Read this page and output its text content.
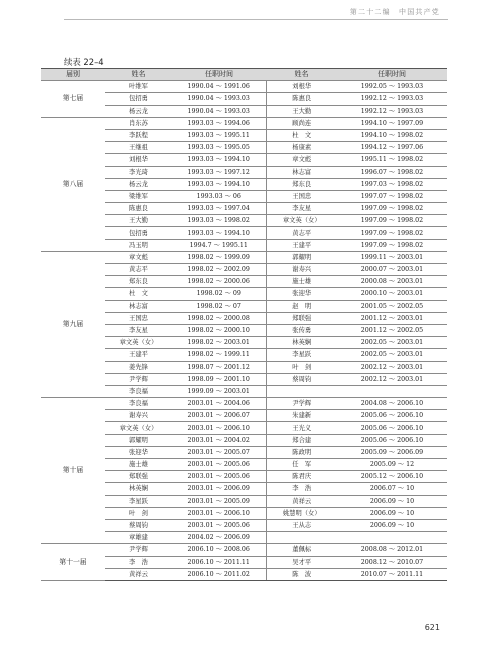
第二十二编　中国共产党
续表 22–4
届别	姓名	任职时间	姓名	任职时间
第七届	叶维军	1990.04 ～ 1991.06	刘根华	1992.05 ～ 1993.03
	包招勇	1990.04 ～ 1993.03	陈惠良	1992.12 ～ 1993.03
	杨云龙	1990.04 ～ 1993.03	王大勤	1992.12 ～ 1993.03
第八届	肖东苏	1993.03 ～ 1994.06	顾尚连	1994.10 ～ 1997.09
	李跃程	1993.03 ～ 1995.11	杜　文	1994.10 ～ 1998.02
	王继祖	1993.03 ～ 1995.05	杨康素	1994.12 ～ 1997.06
	刘根华	1993.03 ～ 1994.10	章文彪	1995.11 ～ 1998.02
	李光琦	1993.03 ～ 1997.12	林志富	1996.07 ～ 1998.02
	杨云龙	1993.03 ～ 1994.10	郑东良	1997.03 ～ 1998.02
	梁维军	1993.03 ～ 06	王国忠	1997.07 ～ 1998.02
	陈惠良	1993.03 ～ 1997.04	李友星	1997.09 ～ 1998.02
	王大勤	1993.03 ～ 1998.02	章文英（女）	1997.09 ～ 1998.02
	包招勇	1993.03 ～ 1994.10	黄志平	1997.09 ～ 1998.02
	冯玉明	1994.7 ～ 1995.11	王建平	1997.09 ～ 1998.02
第九届	章文彪	1998.02 ～ 1999.09	郭耀明	1999.11 ～ 2003.01
	黄志平	1998.02 ～ 2002.09	谢寿兴	2000.07 ～ 2003.01
	郑东良	1998.02 ～ 2000.06	施士雄	2000.08 ～ 2003.01
	杜　文	1998.02 ～ 09	张迎华	2000.10 ～ 2003.01
	林志富	1998.02 ～ 07	赵　明	2001.05 ～ 2002.05
	王国忠	1998.02 ～ 2000.08	郑联强	2001.12 ～ 2003.01
	李友星	1998.02 ～ 2000.10	张传勇	2001.12 ～ 2002.05
	章文英（女）	1998.02 ～ 2003.01	林英娴	2002.05 ～ 2003.01
	王建平	1998.02 ～ 1999.11	李星跃	2002.05 ～ 2003.01
	姜先锋	1998.07 ～ 2001.12	叶　剑	2002.12 ～ 2003.01
	尹学辉	1998.09 ～ 2001.10	蔡周钧	2002.12 ～ 2003.01
	李良福	1999.09 ～ 2003.01		
第十届	李良福	2003.01 ～ 2004.06	尹学辉	2004.08 ～ 2006.10
	谢寿兴	2003.01 ～ 2006.07	朱建新	2005.06 ～ 2006.10
	章文英（女）	2003.01 ～ 2006.10	王光义	2005.06 ～ 2006.10
	郭耀明	2003.01 ～ 2004.02	郑合建	2005.06 ～ 2006.10
	张迎华	2003.01 ～ 2005.07	陈政明	2005.09 ～ 2006.09
	施士雄	2003.01 ～ 2005.06	任　军	2005.09 ～ 12
	郑联强	2003.01 ～ 2005.06	陈君庆	2005.12 ～ 2006.10
	林英娴	2003.01 ～ 2006.09	李　浩	2006.07 ～ 10
	李星跃	2003.01 ～ 2005.09	黄祥云	2006.09 ～ 10
	叶　剑	2003.01 ～ 2006.10	姚慧明（女）	2006.09 ～ 10
	蔡周钧	2003.01 ～ 2005.06	王从志	2006.09 ～ 10
	章雄建	2004.02 ～ 2006.09		
第十一届	尹学辉	2006.10 ～ 2008.06	董佩标	2008.08 ～ 2012.01
	李　浩	2006.10 ～ 2011.11	吴才平	2008.12 ～ 2010.07
	黄祥云	2006.10 ～ 2011.02	陈　波	2010.07 ～ 2011.11
621
